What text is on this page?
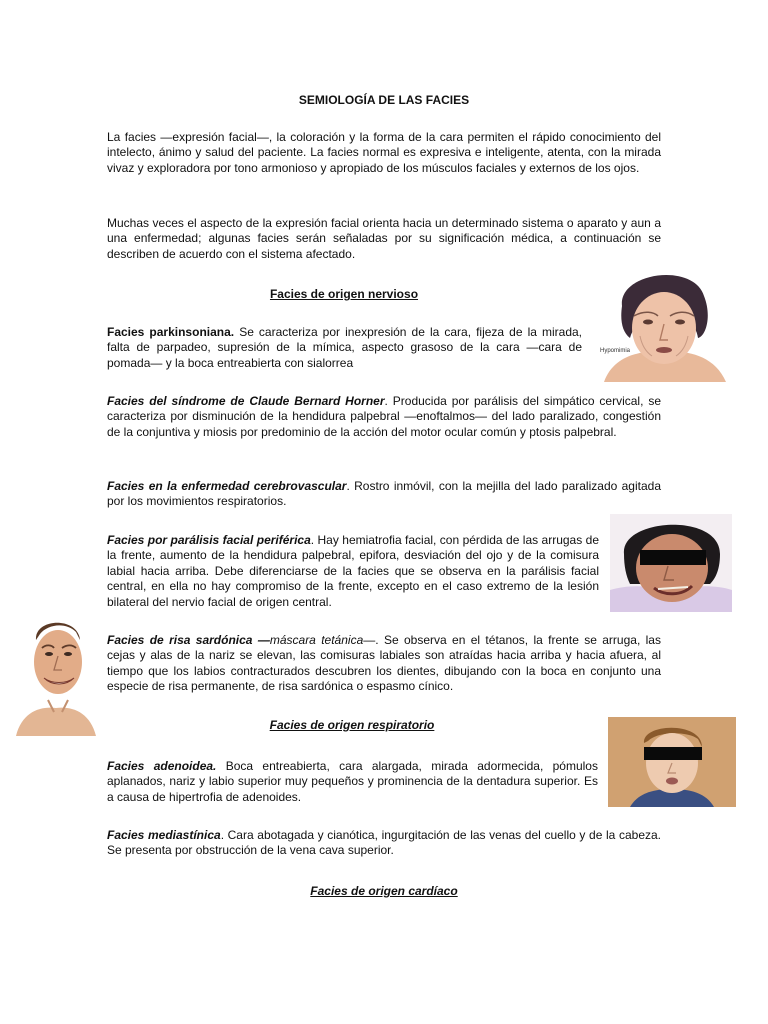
SEMIOLOGÍA DE LAS FACIES

La facies —expresión facial—, la coloración y la forma de la cara permiten el rápido conocimiento del intelecto, ánimo y salud del paciente. La facies normal es expresiva e inteligente, atenta, con la mirada vivaz y exploradora por tono armonioso y apropiado de los músculos faciales y externos de los ojos.

Muchas veces el aspecto de la expresión facial orienta hacia un determinado sistema o aparato y aun a una enfermedad; algunas facies serán señaladas por su significación médica, a continuación se describen de acuerdo con el sistema afectado.

Facies de origen nervioso

Facies parkinsoniana. Se caracteriza por inexpresión de la cara, fijeza de la mirada, falta de parpadeo, supresión de la mímica, aspecto grasoso de la cara —cara de pomada— y la boca entreabierta con sialorrea

Hypomimia

Facies del síndrome de Claude Bernard Horner. Producida por parálisis del simpático cervical, se caracteriza por disminución de la hendidura palpebral —enoftalmos— del lado paralizado, congestión de la conjuntiva y miosis por predominio de la acción del motor ocular común y ptosis palpebral.

Facies en la enfermedad cerebrovascular. Rostro inmóvil, con la mejilla del lado paralizado agitada por los movimientos respiratorios.

Facies por parálisis facial periférica. Hay hemiatrofia facial, con pérdida de las arrugas de la frente, aumento de la hendidura palpebral, epifora, desviación del ojo y de la comisura labial hacia arriba. Debe diferenciarse de la facies que se observa en la parálisis facial central, en ella no hay compromiso de la frente, excepto en el caso extremo de la lesión bilateral del nervio facial de origen central.

Facies de risa sardónica —máscara tetánica—. Se observa en el tétanos, la frente se arruga, las cejas y alas de la nariz se elevan, las comisuras labiales son atraídas hacia arriba y hacia afuera, al tiempo que los labios contracturados descubren los dientes, dibujando con la boca en conjunto una especie de risa permanente, de risa sardónica o espasmo cínico.

Facies de origen respiratorio

Facies adenoidea. Boca entreabierta, cara alargada, mirada adormecida, pómulos aplanados, nariz y labio superior muy pequeños y prominencia de la dentadura superior. Es a causa de hipertrofia de adenoides.

Facies mediastínica. Cara abotagada y cianótica, ingurgitación de las venas del cuello y de la cabeza. Se presenta por obstrucción de la vena cava superior.

Facies de origen cardíaco
